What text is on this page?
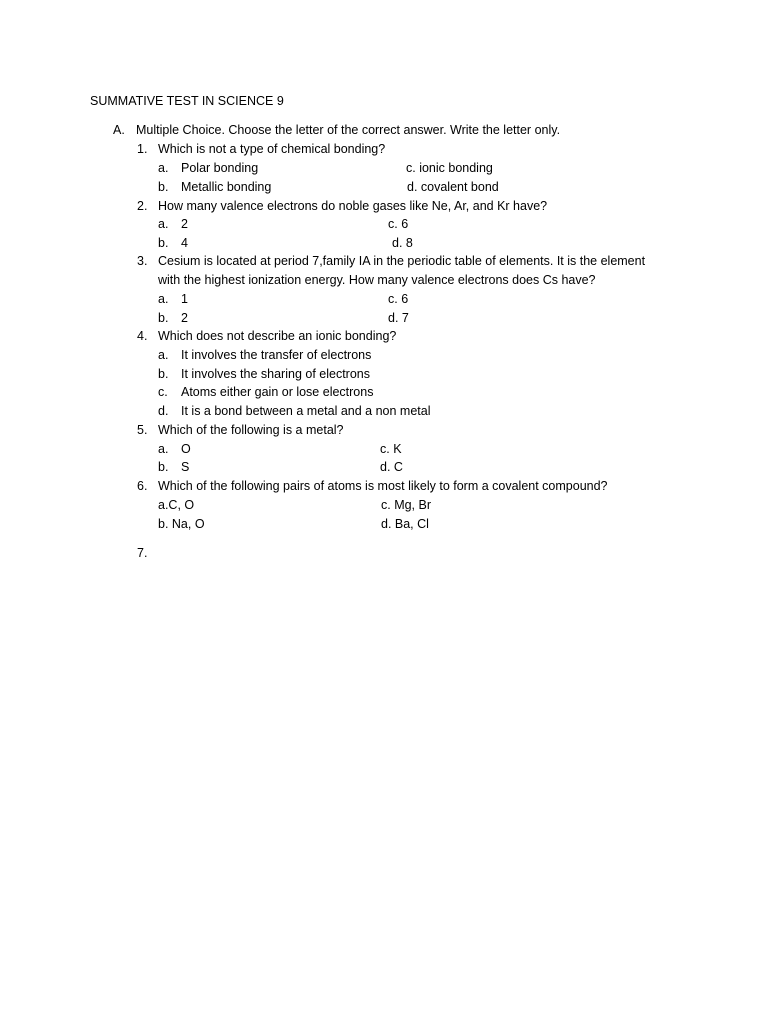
SUMMATIVE TEST IN SCIENCE 9
A. Multiple Choice. Choose the letter of the correct answer. Write the letter only.
1. Which is not a type of chemical bonding?
a. Polar bonding	c. ionic bonding
b. Metallic bonding	d. covalent bond
2. How many valence electrons do noble gases like Ne, Ar, and Kr have?
a. 2	c. 6
b. 4	d. 8
3. Cesium is located at period 7,family IA in the periodic table of elements. It is the element
with the highest ionization energy. How many valence electrons does Cs have?
a. 1	c. 6
b. 2	d. 7
4. Which does not describe an ionic bonding?
a. It involves the transfer of electrons
b. It involves the sharing of electrons
c. Atoms either gain or lose electrons
d. It is a bond between a metal and a non metal
5. Which of the following is a metal?
a. O	c. K
b. S	d. C
6. Which of the following pairs of atoms is most likely to form a covalent compound?
a.C, O	c. Mg, Br
b. Na, O	d. Ba, Cl
7.
